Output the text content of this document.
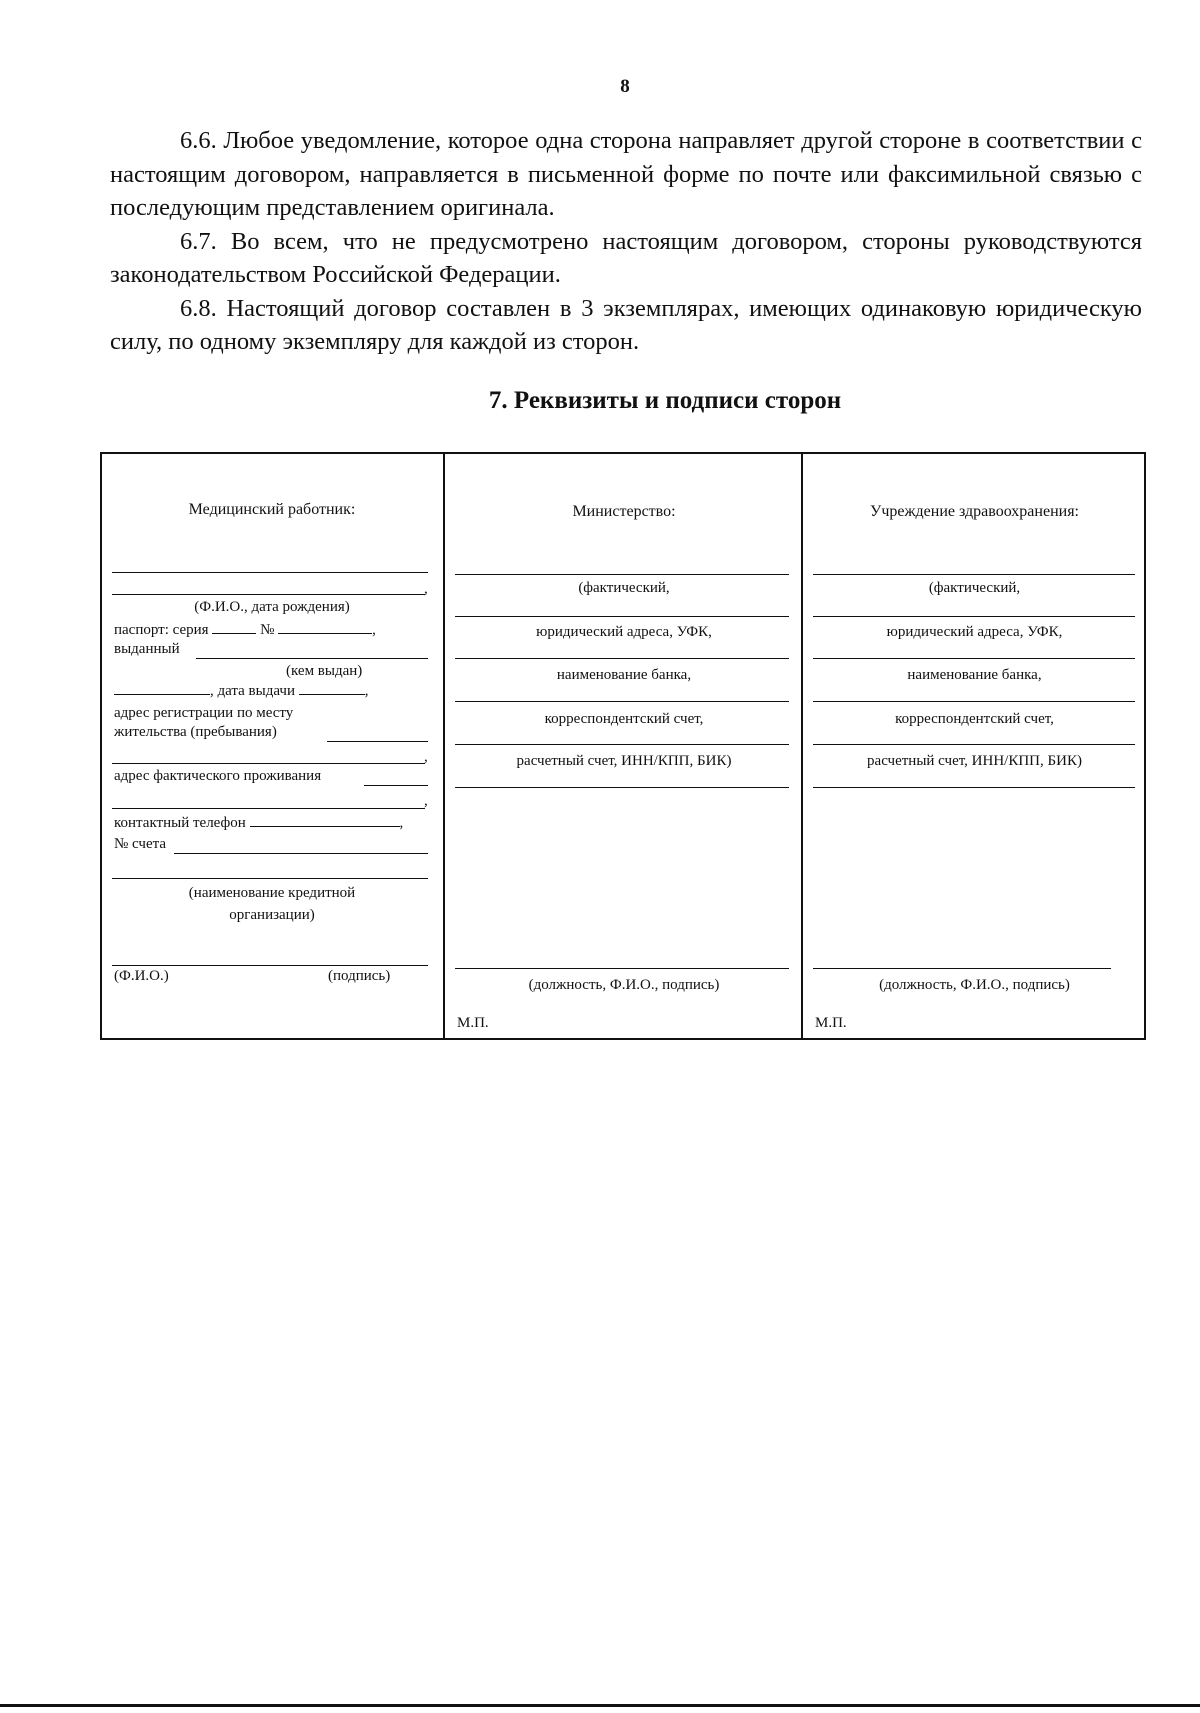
8

6.6. Любое уведомление, которое одна сторона направляет другой стороне в соответствии с настоящим договором, направляется в письменной форме по почте или факсимильной связью с последующим представлением оригинала.

6.7. Во всем, что не предусмотрено настоящим договором, стороны руководствуются законодательством Российской Федерации.

6.8. Настоящий договор составлен в 3 экземплярах, имеющих одинаковую юридическую силу, по одному экземпляру для каждой из сторон.

7. Реквизиты и подписи сторон
Медицинский работник:
,
(Ф.И.О., дата рождения)
паспорт: серия	№	,
выданный
(кем выдан)
, дата выдачи	,
адрес регистрации по месту
жительства (пребывания)
,
адрес фактического проживания
,
контактный телефон	,
№ счета
(наименование кредитной
организации)
(Ф.И.О.)	(подпись)
Министерство:
(фактический,
юридический адреса, УФК,
наименование банка,
корреспондентский счет,
расчетный счет, ИНН/КПП, БИК)
(должность, Ф.И.О., подпись)
М.П.
Учреждение здравоохранения:
(фактический,
юридический адреса, УФК,
наименование банка,
корреспондентский счет,
расчетный счет, ИНН/КПП, БИК)
(должность, Ф.И.О., подпись)
М.П.
